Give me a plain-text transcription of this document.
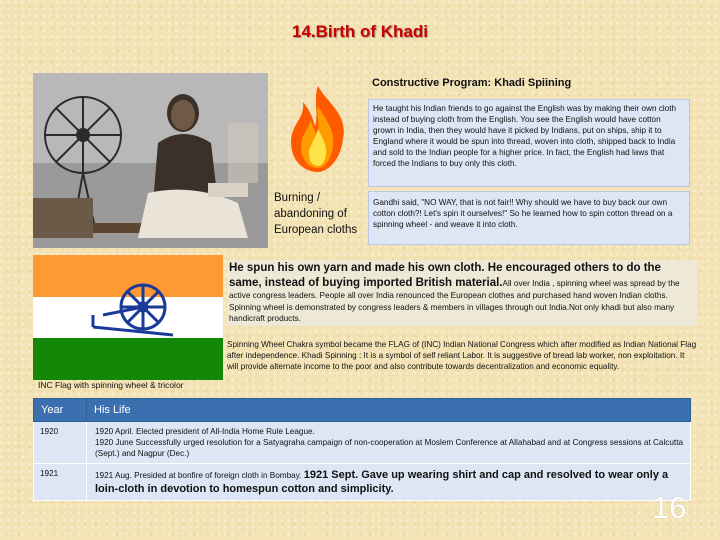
14.Birth of Khadi
Burning / abandoning of European cloths
Constructive Program: Khadi Spiining
He taught his Indian friends to go against the English was by making their own cloth instead of buying cloth from the English. You see the English would have cotton grown in India, then they would have it picked by Indians, put on ships, ship it to England where it would be spun into thread, woven into cloth, shipped back to India and sold to the Indian people for a higher price. In fact, the English had laws that forced the Indians to buy only this cloth.
Gandhi said, "NO WAY, that is not fair!! Why should we have to buy back our own cotton cloth?! Let's spin it ourselves!" So he learned how to spin cotton thread on a spinning wheel - and weave it into cloth.
INC Flag with spinning wheel & tricolor
He spun his own yarn and made his own cloth. He encouraged others to do the same, instead of buying imported British material.All over India , spinning wheel was spread by the active congress leaders. People all over India renounced the European clothes and purchased hand woven Indian cloths. Spinning wheel is demonstrated by congress leaders & members in villages through out India.Not only khadi but also many handicraft products.
Spinning Wheel Chakra symbol became the FLAG of (INC) Indian National Congress which after modified as Indian National Flag after independence. Khadi Spinning : It is a symbol of self reliant Labor. It is suggestive of bread lab worker, non exploitation. It will provide alternate income to the poor and also contribute towards decentralization and economic equality.
Year	His Life
1920	1920 April. Elected president of All-India Home Rule League.
1920 June Successfully urged resolution for a Satyagraha campaign of non-cooperation at Moslem Conference at Allahabad and at Congress sessions at Calcutta (Sept.) and Nagpur (Dec.)

1921	1921 Aug. Presided at bonfire of foreign cloth in Bombay. 1921 Sept. Gave up wearing shirt and cap and resolved to wear only a loin-cloth in devotion to homespun cotton and simplicity.
16
